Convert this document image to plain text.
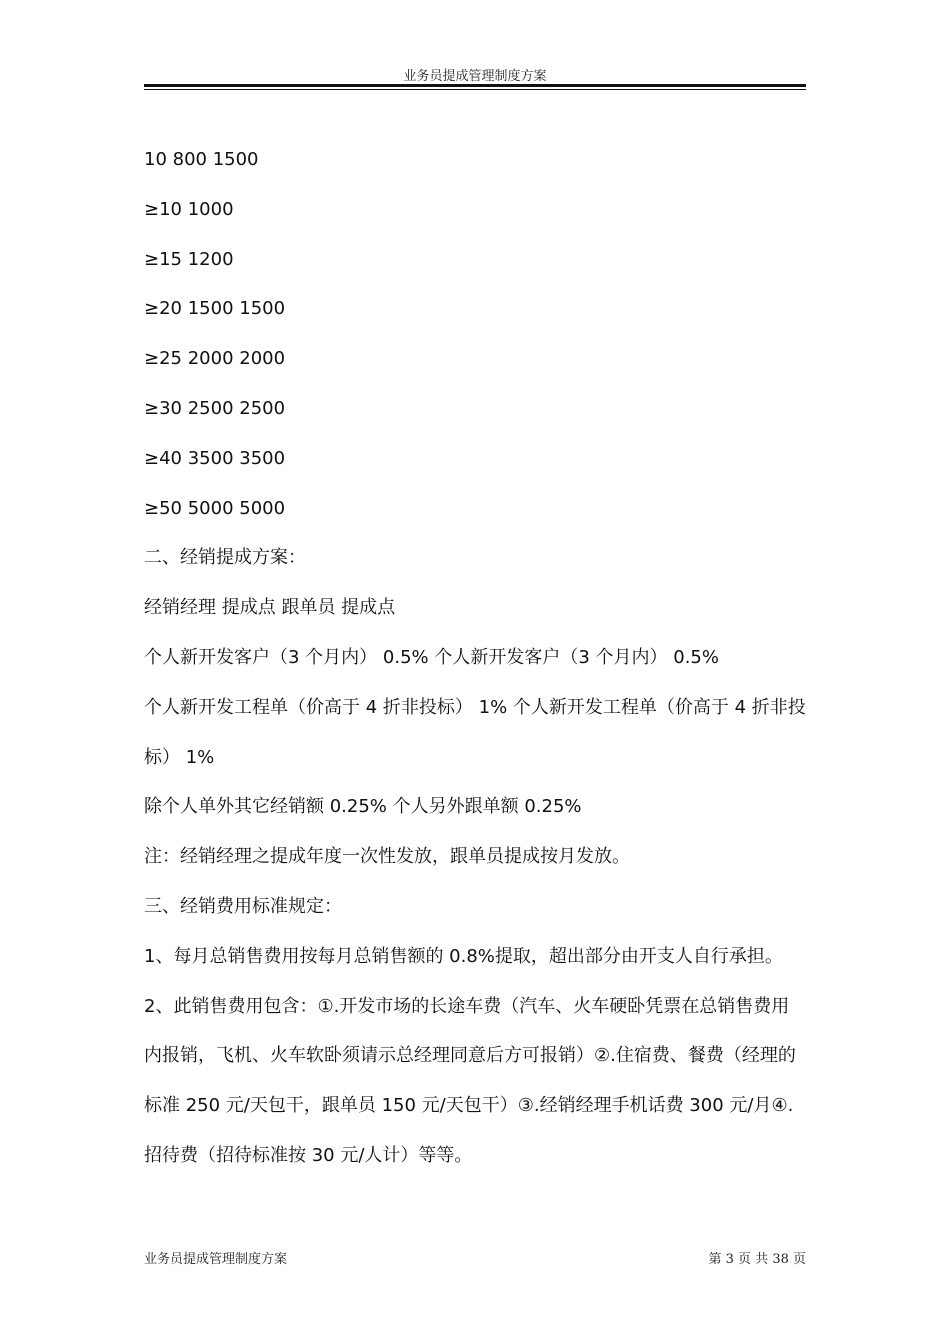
业务员提成管理制度方案
10 800 1500
≥10 1000
≥15 1200
≥20 1500 1500
≥25 2000 2000
≥30 2500 2500
≥40 3500 3500
≥50 5000 5000
二、经销提成方案：
经销经理 提成点 跟单员 提成点
个人新开发客户（3 个月内） 0.5% 个人新开发客户（3 个月内） 0.5%
个人新开发工程单（价高于 4 折非投标） 1% 个人新开发工程单（价高于 4 折非投
标） 1%
除个人单外其它经销额 0.25% 个人另外跟单额 0.25%
注：经销经理之提成年度一次性发放，跟单员提成按月发放。
三、经销费用标准规定：
1、每月总销售费用按每月总销售额的 0.8%提取，超出部分由开支人自行承担。
2、此销售费用包含：①.开发市场的长途车费（汽车、火车硬卧凭票在总销售费用
内报销，飞机、火车软卧须请示总经理同意后方可报销）②.住宿费、餐费（经理的
标准 250 元/天包干，跟单员 150 元/天包干）③.经销经理手机话费 300 元/月④.
招待费（招待标准按 30 元/人计）等等。
业务员提成管理制度方案	第 3 页 共 38 页
